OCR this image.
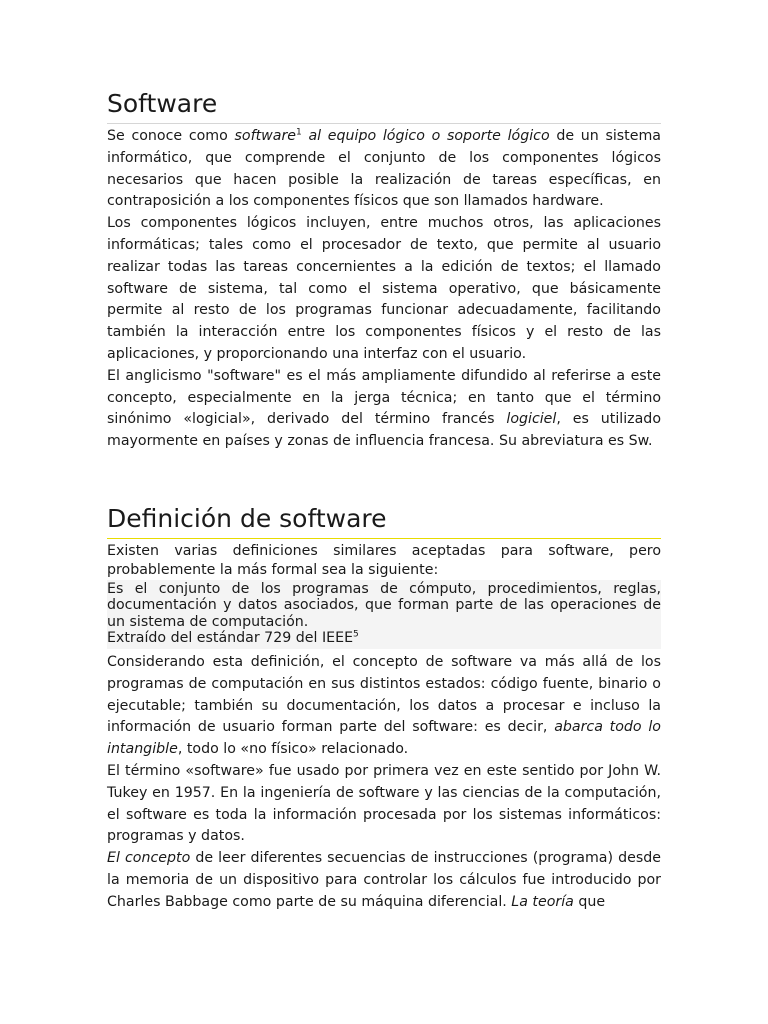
Software

Se conoce como software$^1$ al equipo lógico o soporte lógico de un sistema informático, que comprende el conjunto de los componentes lógicos necesarios que hacen posible la realización de tareas específicas, en contraposición a los componentes físicos que son llamados hardware.

Los componentes lógicos incluyen, entre muchos otros, las aplicaciones informáticas; tales como el procesador de texto, que permite al usuario realizar todas las tareas concernientes a la edición de textos; el llamado software de sistema, tal como el sistema operativo, que básicamente permite al resto de los programas funcionar adecuadamente, facilitando también la interacción entre los componentes físicos y el resto de las aplicaciones, y proporcionando una interfaz con el usuario.

El anglicismo "software" es el más ampliamente difundido al referirse a este concepto, especialmente en la jerga técnica; en tanto que el término sinónimo «logicial», derivado del término francés logiciel, es utilizado mayormente en países y zonas de influencia francesa. Su abreviatura es Sw.

Definición de software

Existen varias definiciones similares aceptadas para software, pero probablemente la más formal sea la siguiente:

Es el conjunto de los programas de cómputo, procedimientos, reglas, documentación y datos asociados, que forman parte de las operaciones de un sistema de computación.
Extraído del estándar 729 del IEEE$^5$

Considerando esta definición, el concepto de software va más allá de los programas de computación en sus distintos estados: código fuente, binario o ejecutable; también su documentación, los datos a procesar e incluso la información de usuario forman parte del software: es decir, abarca todo lo intangible, todo lo «no físico» relacionado.

El término «software» fue usado por primera vez en este sentido por John W. Tukey en 1957. En la ingeniería de software y las ciencias de la computación, el software es toda la información procesada por los sistemas informáticos: programas y datos.

El concepto de leer diferentes secuencias de instrucciones (programa) desde la memoria de un dispositivo para controlar los cálculos fue introducido por Charles Babbage como parte de su máquina diferencial. La teoría que
